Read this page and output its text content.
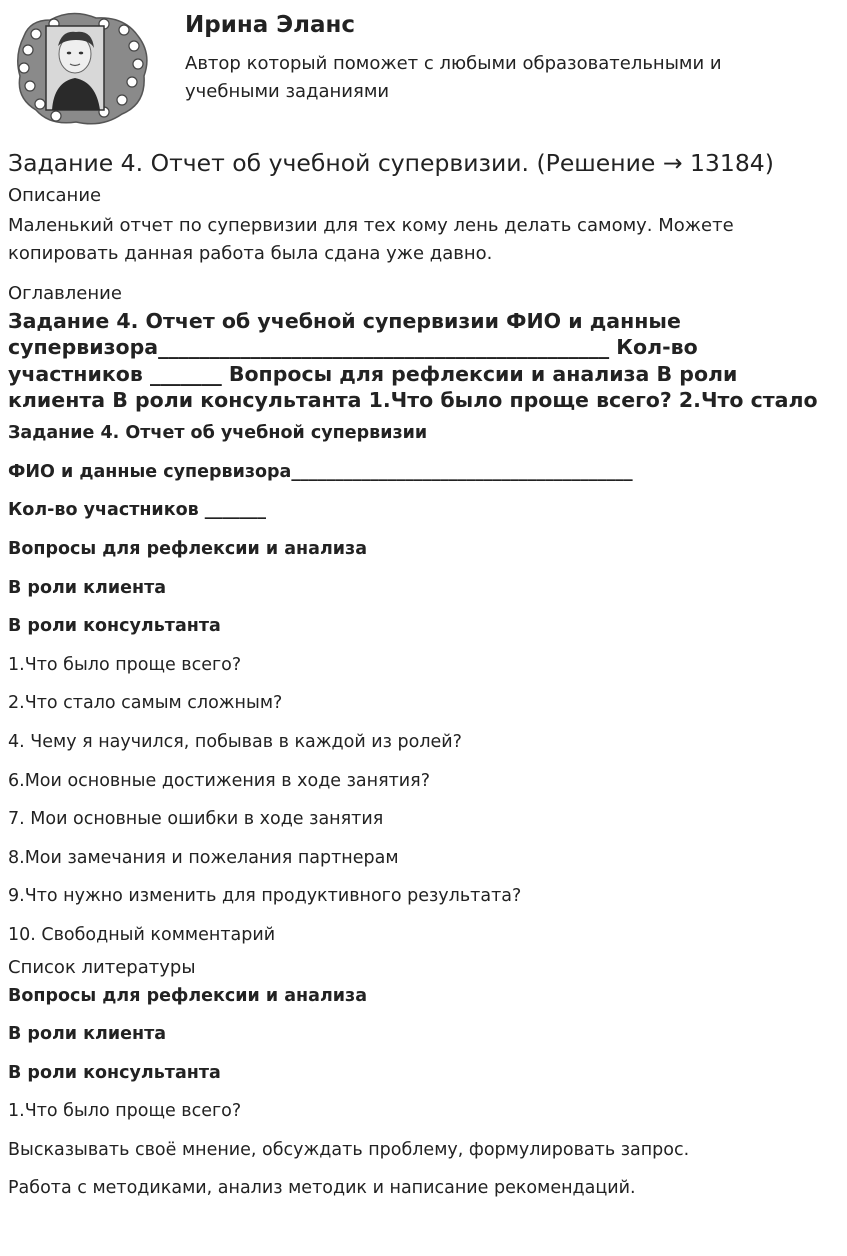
Ирина Эланс
Автор который поможет с любыми образовательными и учебными заданиями
Задание 4. Отчет об учебной супервизии. (Решение → 13184)
Описание
Маленький отчет по супервизии для тех кому лень делать самому. Можете копировать данная работа была сдана уже давно.
Оглавление
Задание 4. Отчет об учебной супервизии ФИО и данные супервизора____________________________________________ Кол-во участников _______ Вопросы для рефлексии и анализа В роли клиента В роли консультанта 1.Что было проще всего? 2.Что стало
Задание 4. Отчет об учебной супервизии
ФИО и данные супервизора_______________________________________
Кол-во участников _______
Вопросы для рефлексии и анализа
В роли клиента
В роли консультанта
1.Что было проще всего?
2.Что стало самым сложным?
4. Чему я научился, побывав в каждой из ролей?
6.Мои основные достижения в ходе занятия?
7. Мои основные ошибки в ходе занятия
8.Мои замечания и пожелания партнерам
9.Что нужно изменить для продуктивного результата?
10. Свободный комментарий
Список литературы
Вопросы для рефлексии и анализа
В роли клиента
В роли консультанта
1.Что было проще всего?
Высказывать своё мнение, обсуждать проблему, формулировать запрос.
Работа с методиками, анализ методик и написание рекомендаций.
